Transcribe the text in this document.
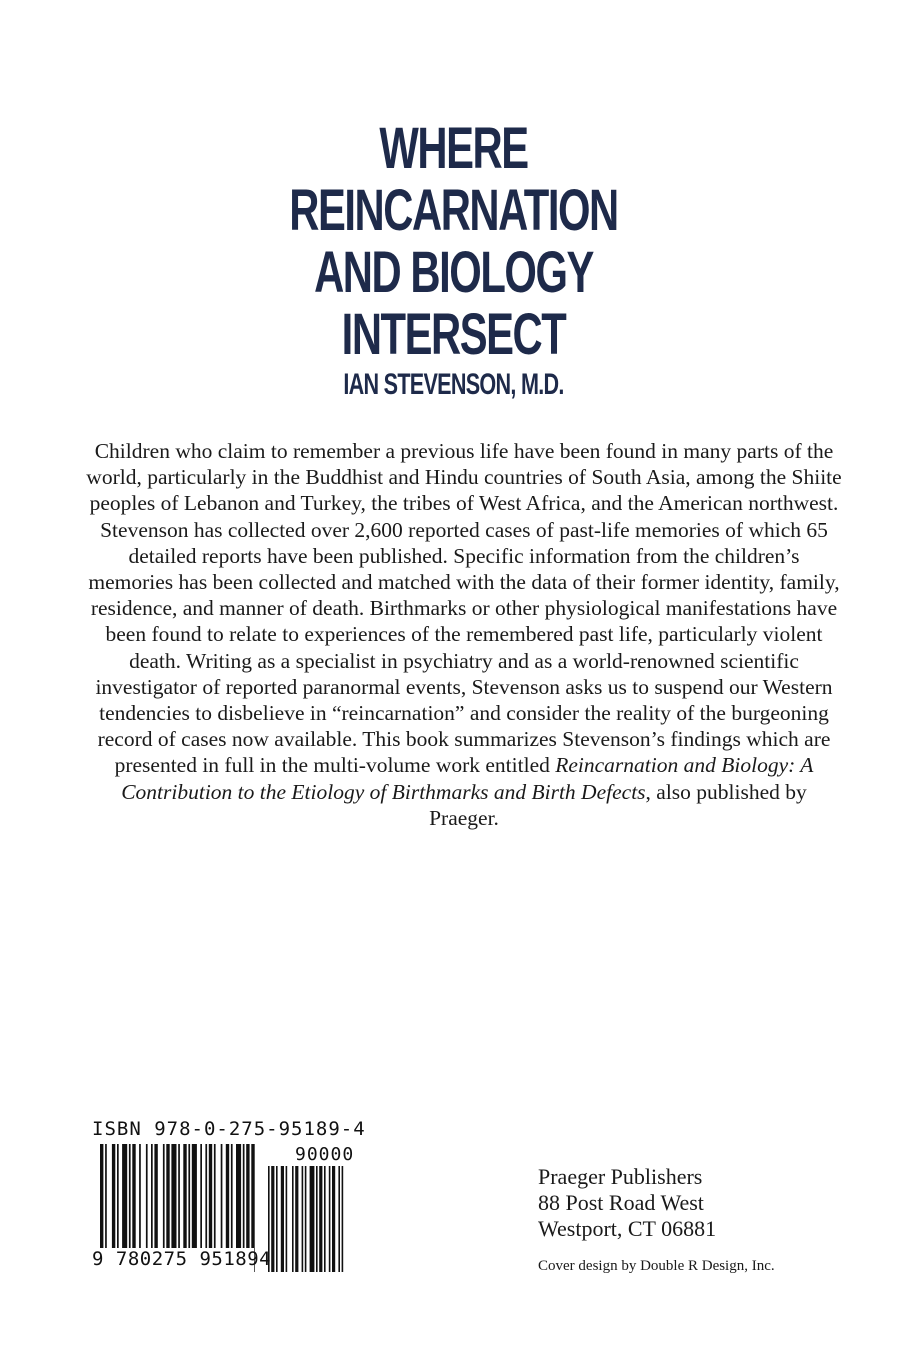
WHERE
REINCARNATION
AND BIOLOGY
INTERSECT
IAN STEVENSON, M.D.

Children who claim to remember a previous life have been found in many parts of the world, particularly in the Buddhist and Hindu countries of South Asia, among the Shiite peoples of Lebanon and Turkey, the tribes of West Africa, and the American northwest. Stevenson has collected over 2,600 reported cases of past-life memories of which 65 detailed reports have been published. Specific information from the children’s memories has been collected and matched with the data of their former identity, family, residence, and manner of death. Birthmarks or other physiological manifestations have been found to relate to experiences of the remembered past life, particularly violent death. Writing as a specialist in psychiatry and as a world-renowned scientific investigator of reported paranormal events, Stevenson asks us to suspend our Western tendencies to disbelieve in “reincarnation” and consider the reality of the burgeoning record of cases now available. This book summarizes Stevenson’s findings which are presented in full in the multi-volume work entitled Reincarnation and Biology: A Contribution to the Etiology of Birthmarks and Birth Defects, also published by Praeger.

ISBN 978-0-275-95189-4
90000
9 780275 951894
Praeger Publishers
88 Post Road West
Westport, CT 06881
Cover design by Double R Design, Inc.
